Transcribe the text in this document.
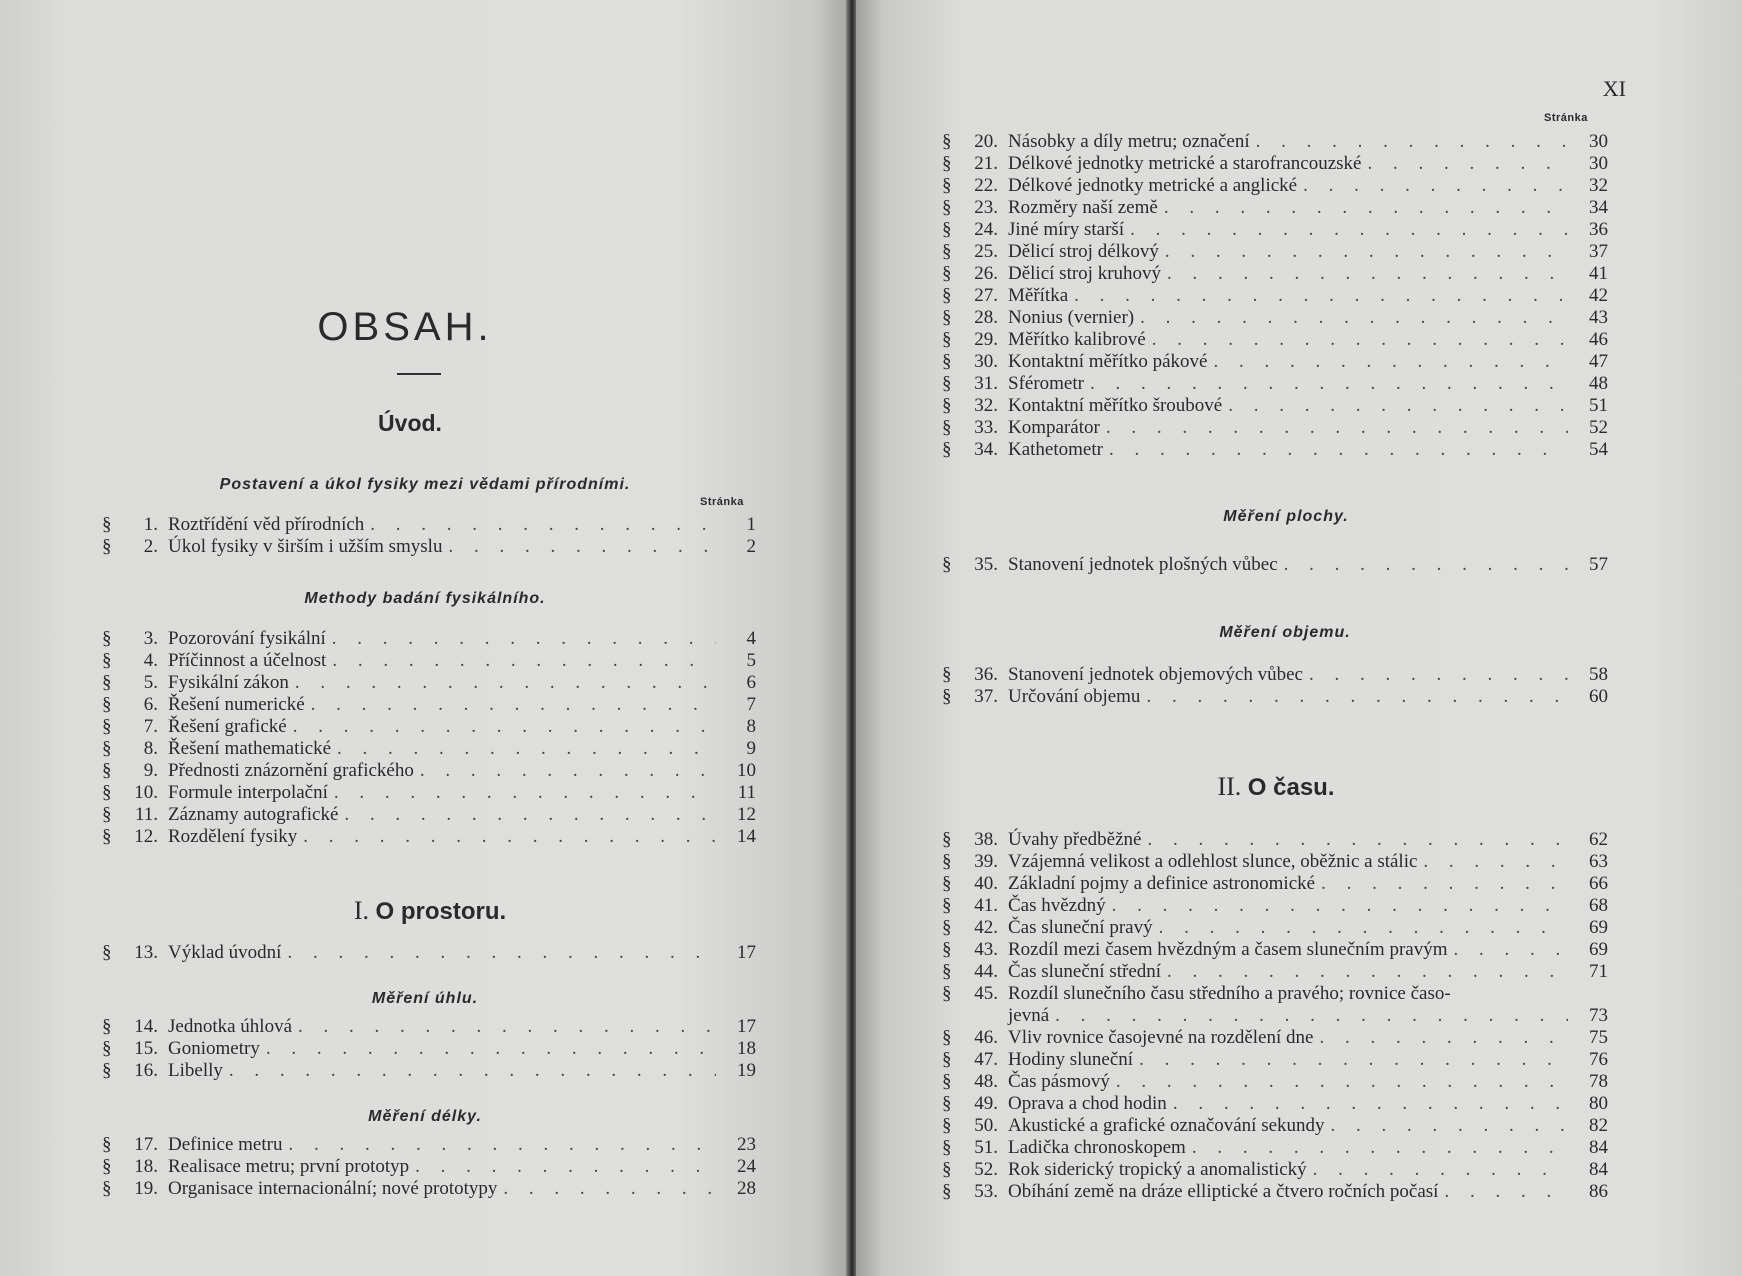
OBSAH.
Úvod.
Postavení a úkol fysiky mezi vědami přírodními.
Stránka
§	1. Roztřídění věd přírodních . . .	1
§	2. Úkol fysiky v širším i užším smyslu . . .	2
Methody badání fysikálního.
§	3. Pozorování fysikální . . .	4
§	4. Příčinnost a účelnost . . .	5
§	5. Fysikální zákon . . .	6
§	6. Řešení numerické . . .	7
§	7. Řešení grafické . . .	8
§	8. Řešení mathematické . . .	9
§	9. Přednosti znázornění grafického . . .	10
§	10. Formule interpolační . . .	11
§	11. Záznamy autografické . . .	12
§	12. Rozdělení fysiky . . .	14
I. O prostoru.
§	13. Výklad úvodní . . .	17
Měření úhlu.
§	14. Jednotka úhlová . . .	17
§	15. Goniometry . . .	18
§	16. Libelly . . .	19
Měření délky.
§	17. Definice metru . . .	23
§	18. Realisace metru; první prototyp . . .	24
§	19. Organisace internacionální; nové prototypy . . .	28
XI
Stránka
§	20. Násobky a díly metru; označení . . .	30
§	21. Délkové jednotky metrické a starofrancouzské . . .	30
§	22. Délkové jednotky metrické a anglické . . .	32
§	23. Rozměry naší země . . .	34
§	24. Jiné míry starší . . .	36
§	25. Dělicí stroj délkový . . .	37
§	26. Dělicí stroj kruhový . . .	41
§	27. Měřítka . . .	42
§	28. Nonius (vernier) . . .	43
§	29. Měřítko kalibrové . . .	46
§	30. Kontaktní měřítko pákové . . .	47
§	31. Sférometr . . .	48
§	32. Kontaktní měřítko šroubové . . .	51
§	33. Komparátor . . .	52
§	34. Kathetometr . . .	54
Měření plochy.
§	35. Stanovení jednotek plošných vůbec . . .	57
Měření objemu.
§	36. Stanovení jednotek objemových vůbec . . .	58
§	37. Určování objemu . . .	60
II. O času.
§	38. Úvahy předběžné . . .	62
§	39. Vzájemná velikost a odlehlost slunce, oběžnic a stálic . . .	63
§	40. Základní pojmy a definice astronomické . . .	66
§	41. Čas hvězdný . . .	68
§	42. Čas sluneční pravý . . .	69
§	43. Rozdíl mezi časem hvězdným a časem slunečním pravým . . .	69
§	44. Čas sluneční střední . . .	71
§	45. Rozdíl slunečního času středního a pravého; rovnice časo-
jevná . . .	73
§	46. Vliv rovnice časojevné na rozdělení dne . . .	75
§	47. Hodiny sluneční . . .	76
§	48. Čas pásmový . . .	78
§	49. Oprava a chod hodin . . .	80
§	50. Akustické a grafické označování sekundy . . .	82
§	51. Ladička chronoskopem . . .	84
§	52. Rok siderický tropický a anomalistický . . .	84
§	53. Obíhání země na dráze elliptické a čtvero ročních počasí . . .	86
